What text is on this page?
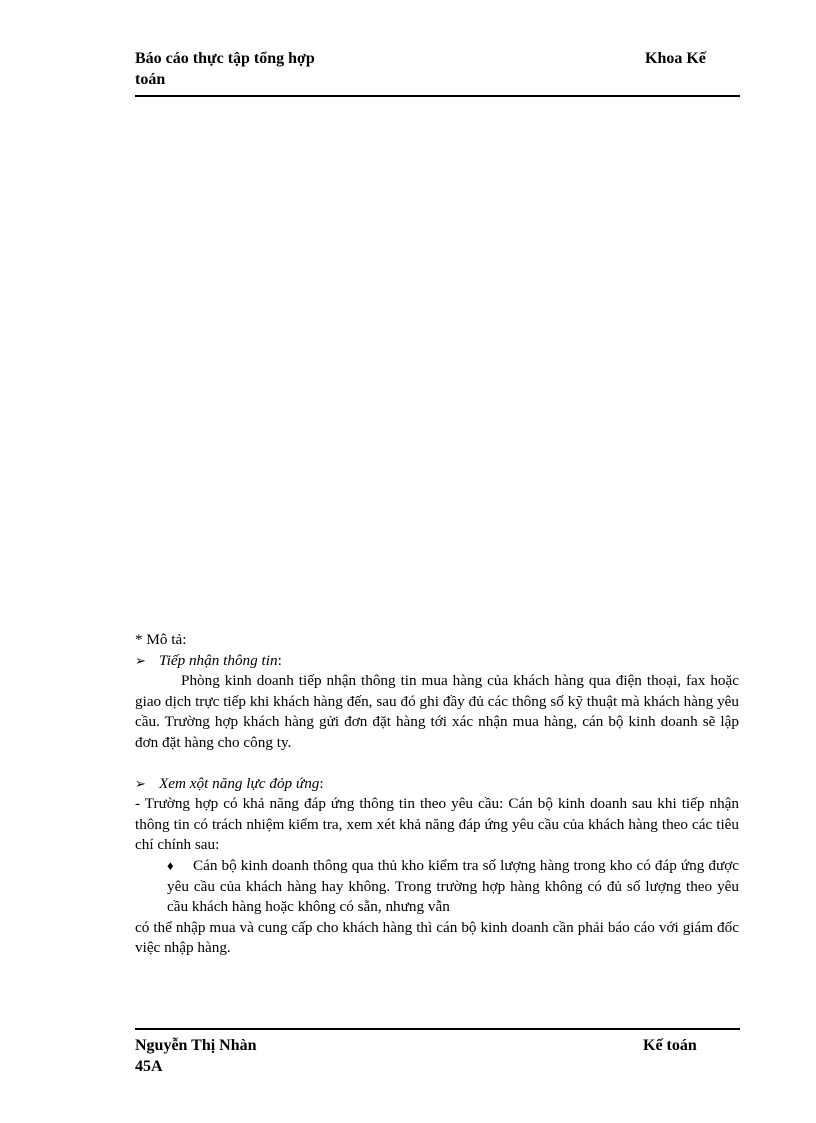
Báo cáo thực tập tổng hợp	Khoa Kế
toán

* Mô tả:

➢ Tiếp nhận thông tin:

Phòng kinh doanh tiếp nhận thông tin mua hàng của khách hàng qua điện thoại, fax hoặc giao dịch trực tiếp khi khách hàng đến, sau đó ghi đầy đủ các thông số kỹ thuật mà khách hàng yêu cầu. Trường hợp khách hàng gửi đơn đặt hàng tới xác nhận mua hàng, cán bộ kinh doanh sẽ lập đơn đặt hàng cho công ty.

➢ Xem xột năng lực đỏp ứng:

- Trường hợp có khả năng đáp ứng thông tin theo yêu cầu: Cán bộ kinh doanh sau khi tiếp nhận thông tin có trách nhiệm kiểm tra, xem xét khả năng đáp ứng yêu cầu của khách hàng theo các tiêu chí chính sau:

♦ Cán bộ kinh doanh thông qua thủ kho kiểm tra số lượng hàng trong kho có đáp ứng được yêu cầu của khách hàng hay không. Trong trường hợp hàng không có đủ số lượng theo yêu cầu khách hàng hoặc không có sẵn, nhưng vẫn

có thể nhập mua và cung cấp cho khách hàng thì cán bộ kinh doanh cần phải báo cáo với giám đốc việc nhập hàng.

Nguyễn Thị Nhàn	Kế toán
45A
